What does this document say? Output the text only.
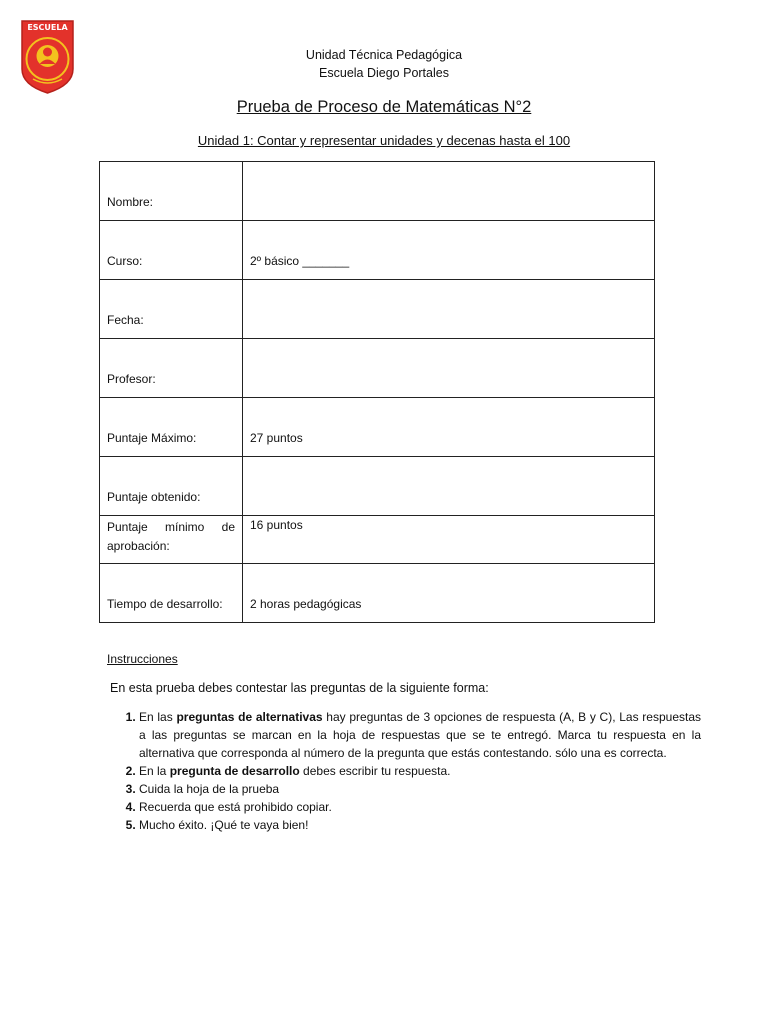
ESCUELA
Unidad Técnica Pedagógica
Escuela Diego Portales
Prueba de Proceso de Matemáticas N°2
Unidad 1: Contar y representar unidades y decenas hasta el 100
Nombre:	
Curso:	2º básico _______
Fecha:	
Profesor:	
Puntaje Máximo:	27 puntos
Puntaje obtenido:	
Puntaje mínimo de aprobación:	16 puntos
Tiempo de desarrollo:	2 horas pedagógicas
Instrucciones
En esta prueba debes contestar las preguntas de la siguiente forma:
1. En las preguntas de alternativas hay preguntas de 3 opciones de respuesta (A, B y C), Las respuestas a las preguntas se marcan en la hoja de respuestas que se te entregó. Marca tu respuesta en la alternativa que corresponda al número de la pregunta que estás contestando. sólo una es correcta.
2. En la pregunta de desarrollo debes escribir tu respuesta.
3. Cuida la hoja de la prueba
4. Recuerda que está prohibido copiar.
5. Mucho éxito. ¡Qué te vaya bien!
